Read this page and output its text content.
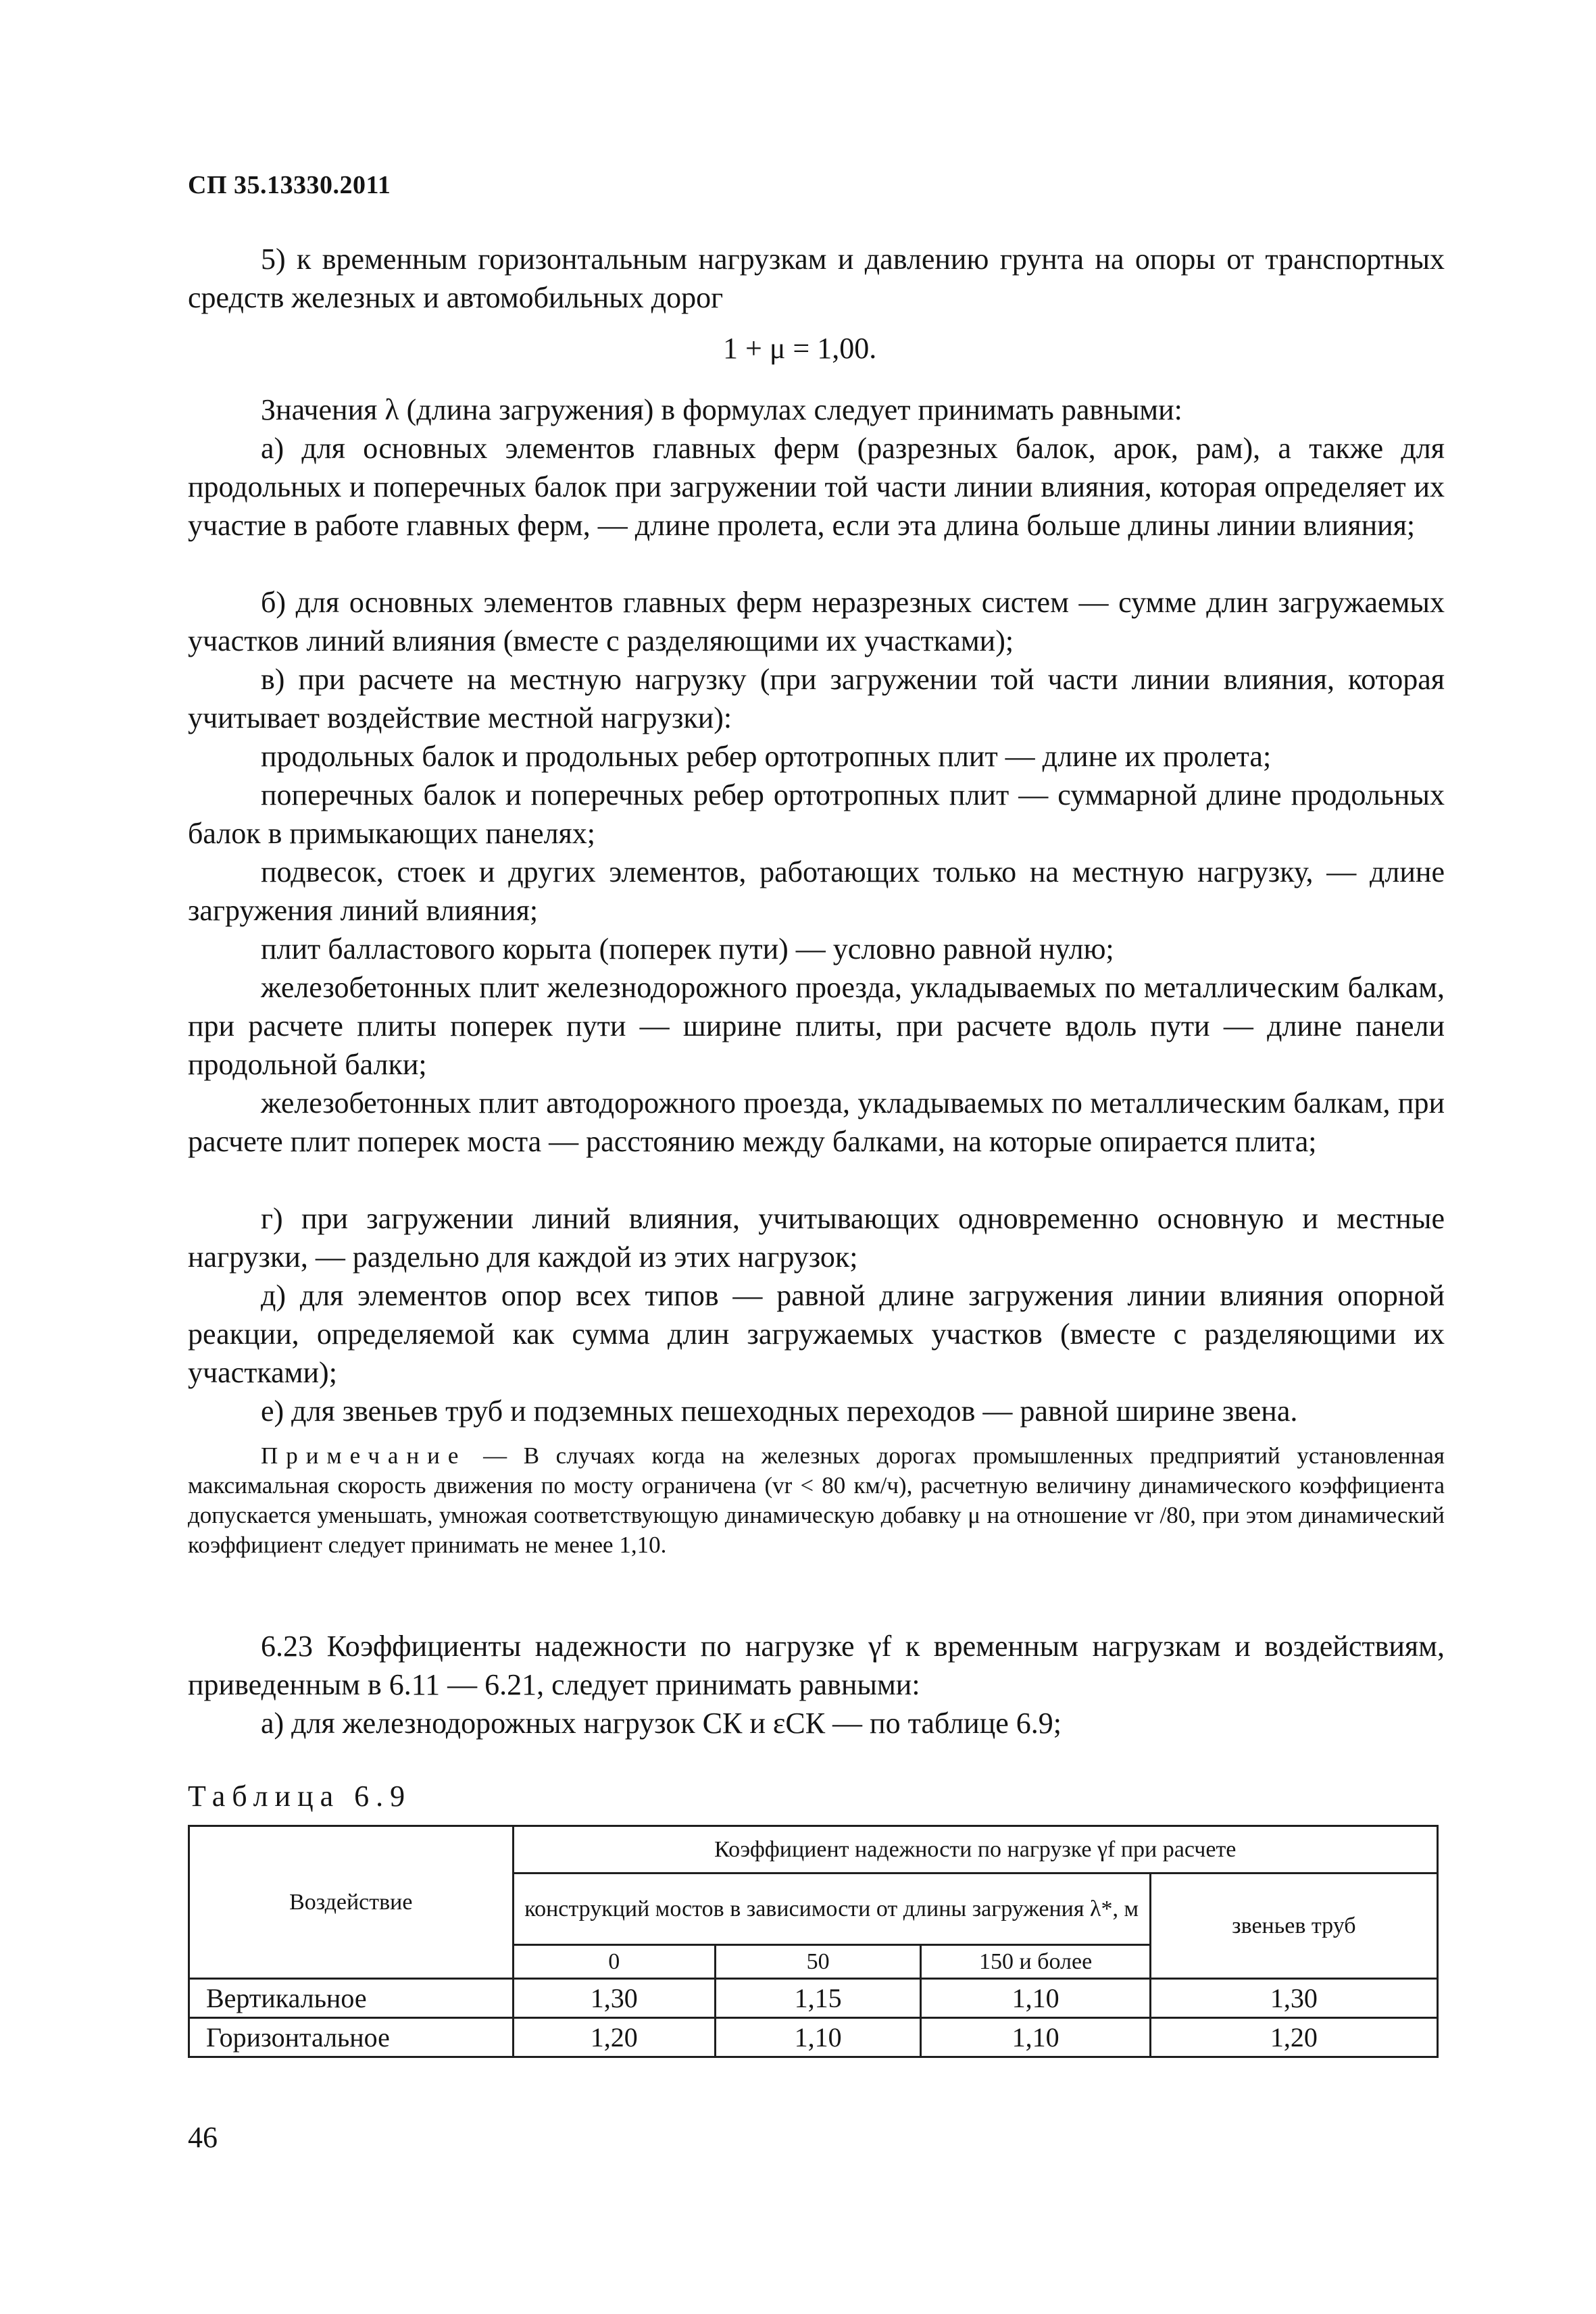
СП 35.13330.2011

5) к временным горизонтальным нагрузкам и давлению грунта на опоры от транспортных средств железных и автомобильных дорог

1 + μ = 1,00.

Значения λ (длина загружения) в формулах следует принимать равными:

а) для основных элементов главных ферм (разрезных балок, арок, рам), а также для продольных и поперечных балок при загружении той части линии влияния, которая определяет их участие в работе главных ферм, — длине пролета, если эта длина больше длины линии влияния;

б) для основных элементов главных ферм неразрезных систем — сумме длин загружаемых участков линий влияния (вместе с разделяющими их участками);

в) при расчете на местную нагрузку (при загружении той части линии влияния, которая учитывает воздействие местной нагрузки):

продольных балок и продольных ребер ортотропных плит — длине их пролета;

поперечных балок и поперечных ребер ортотропных плит — суммарной длине продольных балок в примыкающих панелях;

подвесок, стоек и других элементов, работающих только на местную нагрузку, — длине загружения линий влияния;

плит балластового корыта (поперек пути) — условно равной нулю;

железобетонных плит железнодорожного проезда, укладываемых по металлическим балкам, при расчете плиты поперек пути — ширине плиты, при расчете вдоль пути — длине панели продольной балки;

железобетонных плит автодорожного проезда, укладываемых по металлическим балкам, при расчете плит поперек моста — расстоянию между балками, на которые опирается плита;

г) при загружении линий влияния, учитывающих одновременно основную и местные нагрузки, — раздельно для каждой из этих нагрузок;

д) для элементов опор всех типов — равной длине загружения линии влияния опорной реакции, определяемой как сумма длин загружаемых участков (вместе с разделяющими их участками);

е) для звеньев труб и подземных пешеходных переходов — равной ширине звена.

Примечание — В случаях когда на железных дорогах промышленных предприятий установленная максимальная скорость движения по мосту ограничена (vr < 80 км/ч), расчетную величину динамического коэффициента допускается уменьшать, умножая соответствующую динамическую добавку μ на отношение vr /80, при этом динамический коэффициент следует принимать не менее 1,10.

6.23 Коэффициенты надежности по нагрузке γf к временным нагрузкам и воздействиям, приведенным в 6.11 — 6.21, следует принимать равными:

а) для железнодорожных нагрузок СК и εСК — по таблице 6.9;

Таблица 6.9
Воздействие	Коэффициент надежности по нагрузке γf при расчете			
	конструкций мостов в зависимости от длины загружения λ*, м			звеньев труб
	0	50	150 и более	
Вертикальное	1,30	1,15	1,10	1,30
Горизонтальное	1,20	1,10	1,10	1,20
46
